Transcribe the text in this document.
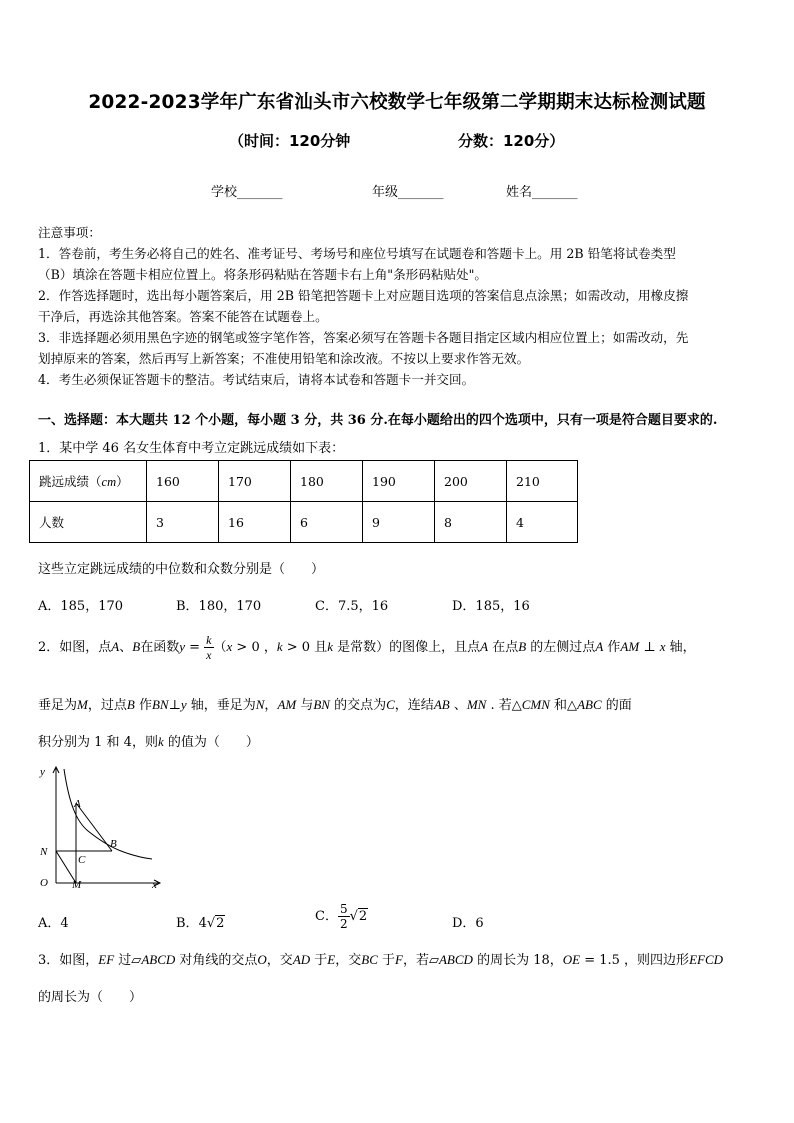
2022-2023学年广东省汕头市六校数学七年级第二学期期末达标检测试题
（时间：120分钟	分数：120分）
学校_______	年级_______	姓名_______
注意事项：
1．答卷前，考生务必将自己的姓名、准考证号、考场号和座位号填写在试题卷和答题卡上。用 2B 铅笔将试卷类型
（B）填涂在答题卡相应位置上。将条形码粘贴在答题卡右上角"条形码粘贴处"。
2．作答选择题时，选出每小题答案后，用 2B 铅笔把答题卡上对应题目选项的答案信息点涂黑；如需改动，用橡皮擦
干净后，再选涂其他答案。答案不能答在试题卷上。
3．非选择题必须用黑色字迹的钢笔或签字笔作答，答案必须写在答题卡各题目指定区域内相应位置上；如需改动，先
划掉原来的答案，然后再写上新答案；不准使用铅笔和涂改液。不按以上要求作答无效。
4．考生必须保证答题卡的整洁。考试结束后，请将本试卷和答题卡一并交回。
一、选择题：本大题共 12 个小题，每小题 3 分，共 36 分.在每小题给出的四个选项中，只有一项是符合题目要求的.
1．某中学 46 名女生体育中考立定跳远成绩如下表：
跳远成绩（cm）	160	170	180	190	200	210
人数	3	16	6	9	8	4
这些立定跳远成绩的中位数和众数分别是（　　）
A．185，170	B．180，170	C．7.5，16	D．185，16
2．如图，点A、B在函数$y = \frac{k}{x} (x > 0$ ，k > 0 且k 是常数）的图像上，且点A 在点B 的左侧过点A 作AM ⊥ x 轴，
垂足为M，过点B 作BN⊥y 轴，垂足为N，AM 与BN 的交点为C，连结AB 、MN . 若△CMN 和△ABC 的面
积分别为 1 和 4，则k 的值为（　　）
y
A
B
N
C
O M	x
A．4	B．4√2	C． $\frac{5}{2} √2$	D．6
3．如图，EF 过▱ABCD 对角线的交点O，交AD 于E，交BC 于F，若▱ABCD 的周长为 18，OE = 1.5 ，则四边形EFCD
的周长为（　　）
